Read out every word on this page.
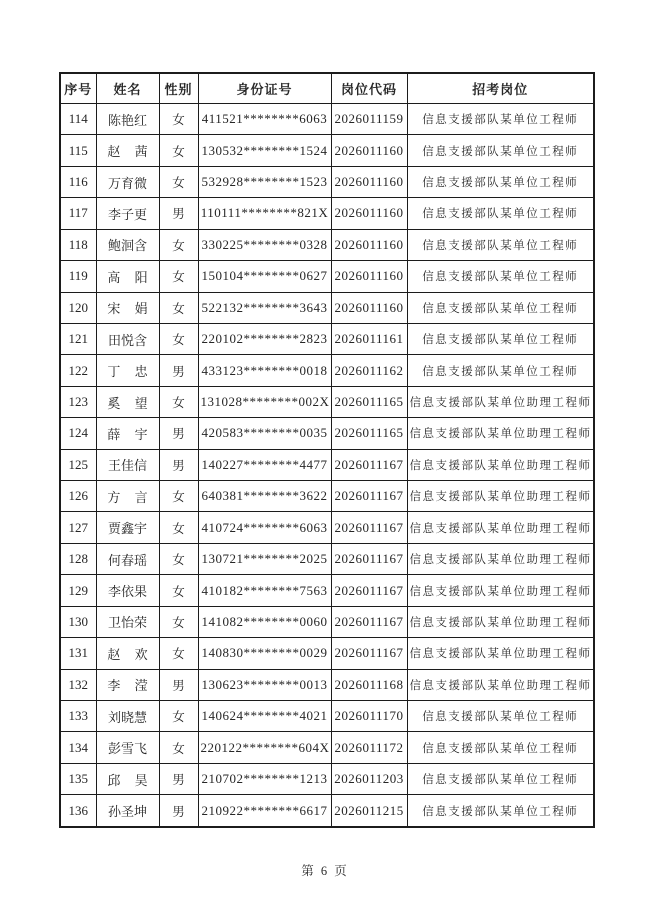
序号	姓名	性别	身份证号	岗位代码	招考岗位
114	陈艳红	女	411521********6063	2026011159	信息支援部队某单位工程师
115	赵 茜	女	130532********1524	2026011160	信息支援部队某单位工程师
116	万育微	女	532928********1523	2026011160	信息支援部队某单位工程师
117	李子更	男	110111********821X	2026011160	信息支援部队某单位工程师
118	鲍洄含	女	330225********0328	2026011160	信息支援部队某单位工程师
119	高 阳	女	150104********0627	2026011160	信息支援部队某单位工程师
120	宋 娟	女	522132********3643	2026011160	信息支援部队某单位工程师
121	田悦含	女	220102********2823	2026011161	信息支援部队某单位工程师
122	丁 忠	男	433123********0018	2026011162	信息支援部队某单位工程师
123	奚 望	女	131028********002X	2026011165	信息支援部队某单位助理工程师
124	薛 宇	男	420583********0035	2026011165	信息支援部队某单位助理工程师
125	王佳信	男	140227********4477	2026011167	信息支援部队某单位助理工程师
126	方 言	女	640381********3622	2026011167	信息支援部队某单位助理工程师
127	贾鑫宇	女	410724********6063	2026011167	信息支援部队某单位助理工程师
128	何春瑶	女	130721********2025	2026011167	信息支援部队某单位助理工程师
129	李依果	女	410182********7563	2026011167	信息支援部队某单位助理工程师
130	卫怡荣	女	141082********0060	2026011167	信息支援部队某单位助理工程师
131	赵 欢	女	140830********0029	2026011167	信息支援部队某单位助理工程师
132	李 滢	男	130623********0013	2026011168	信息支援部队某单位助理工程师
133	刘晓慧	女	140624********4021	2026011170	信息支援部队某单位工程师
134	彭雪飞	女	220122********604X	2026011172	信息支援部队某单位工程师
135	邱 昊	男	210702********1213	2026011203	信息支援部队某单位工程师
136	孙圣坤	男	210922********6617	2026011215	信息支援部队某单位工程师
第 6 页
